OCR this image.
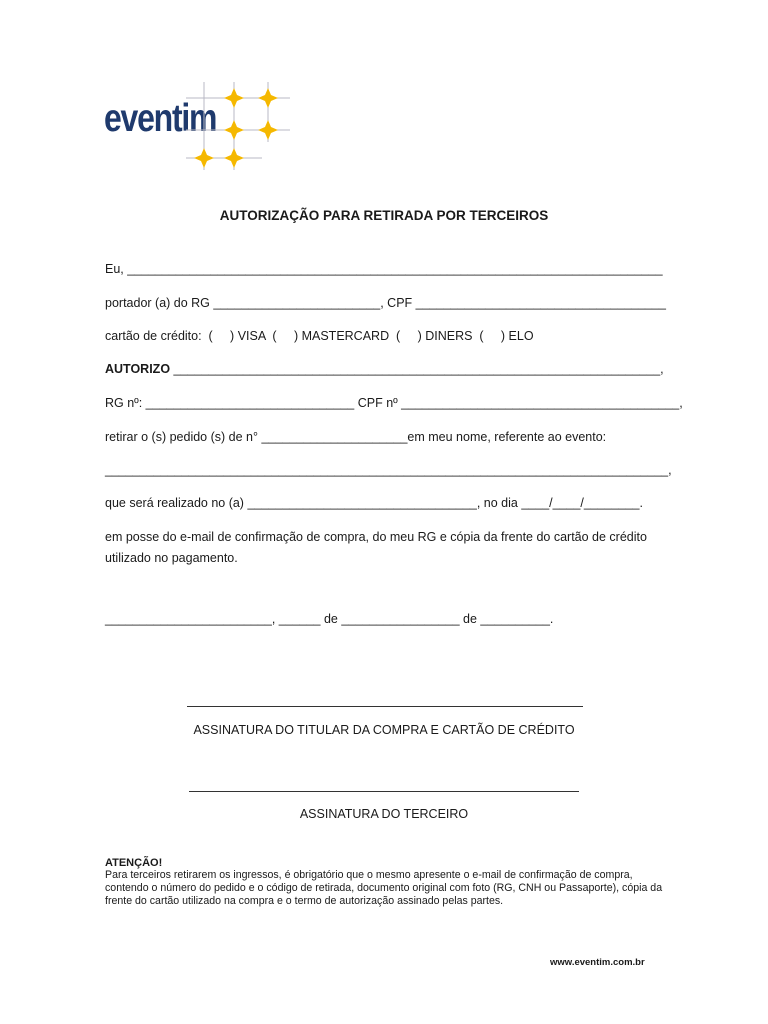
eventim
AUTORIZAÇÃO PARA RETIRADA POR TERCEIROS
Eu, _____________________________________________________________________________
portador (a) do RG ________________________, CPF ____________________________________
cartão de crédito:  (     ) VISA  (     ) MASTERCARD  (     ) DINERS  (     ) ELO
AUTORIZO ______________________________________________________________________,
RG nº: ______________________________ CPF nº ________________________________________,
retirar o (s) pedido (s) de n° _____________________em meu nome, referente ao evento:
_________________________________________________________________________________,
que será realizado no (a) _________________________________, no dia ____/____/________.
em posse do e-mail de confirmação de compra, do meu RG e cópia da frente do cartão de crédito
utilizado no pagamento.
________________________, ______ de _________________ de __________.
ASSINATURA DO TITULAR DA COMPRA E CARTÃO DE CRÉDITO
ASSINATURA DO TERCEIRO
ATENÇÃO!
Para terceiros retirarem os ingressos, é obrigatório que o mesmo apresente o e-mail de confirmação de compra, contendo o número do pedido e o código de retirada, documento original com foto (RG, CNH ou Passaporte), cópia da frente do cartão utilizado na compra e o termo de autorização assinado pelas partes.
www.eventim.com.br
